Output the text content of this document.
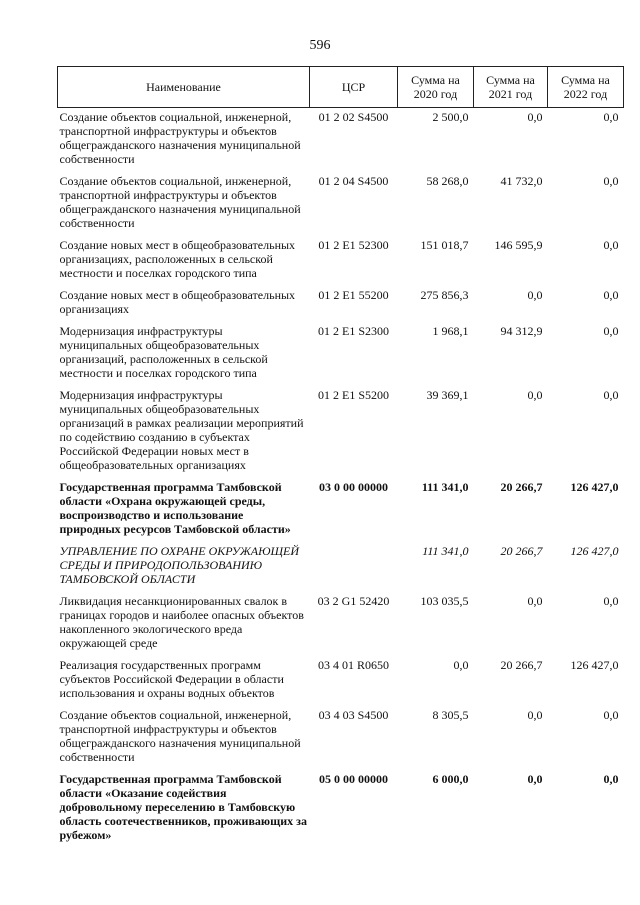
596
Наименование	ЦСР	Сумма на 2020 год	Сумма на 2021 год	Сумма на 2022 год
Создание объектов социальной, инженерной, транспортной инфраструктуры и объектов общегражданского назначения муниципальной собственности	01 2 02 S4500	2 500,0	0,0	0,0
Создание объектов социальной, инженерной, транспортной инфраструктуры и объектов общегражданского назначения муниципальной собственности	01 2 04 S4500	58 268,0	41 732,0	0,0
Создание новых мест в общеобразовательных организациях, расположенных в сельской местности и поселках городского типа	01 2 E1 52300	151 018,7	146 595,9	0,0
Создание новых мест в общеобразовательных организациях	01 2 E1 55200	275 856,3	0,0	0,0
Модернизация инфраструктуры муниципальных общеобразовательных организаций, расположенных в сельской местности и поселках городского типа	01 2 E1 S2300	1 968,1	94 312,9	0,0
Модернизация инфраструктуры муниципальных общеобразовательных организаций в рамках реализации мероприятий по содействию созданию в субъектах Российской Федерации новых мест в общеобразовательных организациях	01 2 E1 S5200	39 369,1	0,0	0,0
Государственная программа Тамбовской области «Охрана окружающей среды, воспроизводство и использование природных ресурсов Тамбовской области»	03 0 00 00000	111 341,0	20 266,7	126 427,0
УПРАВЛЕНИЕ ПО ОХРАНЕ ОКРУЖАЮЩЕЙ СРЕДЫ И ПРИРОДОПОЛЬЗОВАНИЮ ТАМБОВСКОЙ ОБЛАСТИ		111 341,0	20 266,7	126 427,0
Ликвидация несанкционированных свалок в границах городов и наиболее опасных объектов накопленного экологического вреда окружающей среде	03 2 G1 52420	103 035,5	0,0	0,0
Реализация государственных программ субъектов Российской Федерации в области использования и охраны водных объектов	03 4 01 R0650	0,0	20 266,7	126 427,0
Создание объектов социальной, инженерной, транспортной инфраструктуры и объектов общегражданского назначения муниципальной собственности	03 4 03 S4500	8 305,5	0,0	0,0
Государственная программа Тамбовской области «Оказание содействия добровольному переселению в Тамбовскую область соотечественников, проживающих за рубежом»	05 0 00 00000	6 000,0	0,0	0,0
